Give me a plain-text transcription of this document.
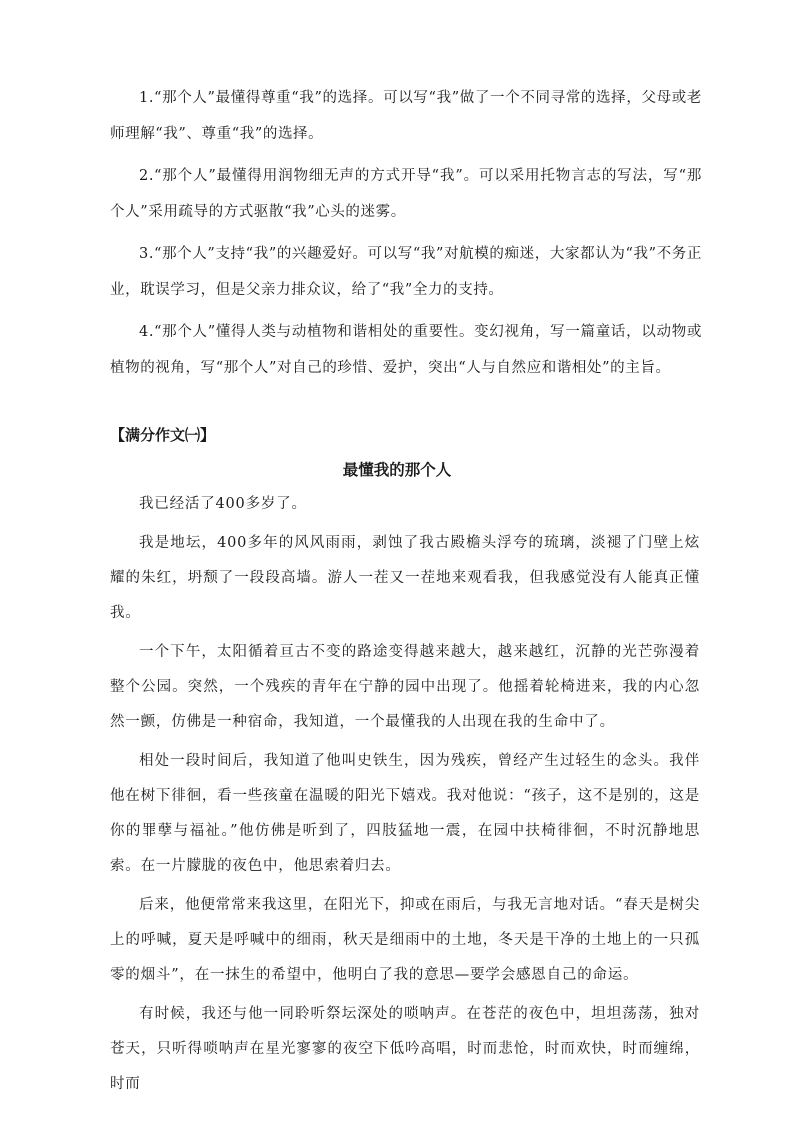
1.“那个人”最懂得尊重“我”的选择。可以写“我”做了一个不同寻常的选择，父母或老师理解“我”、尊重“我”的选择。

2.“那个人”最懂得用润物细无声的方式开导“我”。可以采用托物言志的写法，写“那个人”采用疏导的方式驱散“我”心头的迷雾。

3.“那个人”支持“我”的兴趣爱好。可以写“我”对航模的痴迷，大家都认为“我”不务正业，耽误学习，但是父亲力排众议，给了“我”全力的支持。

4.“那个人”懂得人类与动植物和谐相处的重要性。变幻视角，写一篇童话，以动物或植物的视角，写“那个人”对自己的珍惜、爱护，突出“人与自然应和谐相处”的主旨。

【满分作文㈠】
最懂我的那个人

我已经活了400多岁了。

我是地坛，400多年的风风雨雨，剥蚀了我古殿檐头浮夸的琉璃，淡褪了门壁上炫耀的朱红，坍颓了一段段高墙。游人一茬又一茬地来观看我，但我感觉没有人能真正懂我。

一个下午，太阳循着亘古不变的路途变得越来越大，越来越红，沉静的光芒弥漫着整个公园。突然，一个残疾的青年在宁静的园中出现了。他摇着轮椅进来，我的内心忽然一颤，仿佛是一种宿命，我知道，一个最懂我的人出现在我的生命中了。

相处一段时间后，我知道了他叫史铁生，因为残疾，曾经产生过轻生的念头。我伴他在树下徘徊，看一些孩童在温暖的阳光下嬉戏。我对他说：“孩子，这不是别的，这是你的罪孽与福祉。”他仿佛是听到了，四肢猛地一震，在园中扶椅徘徊，不时沉静地思索。在一片朦胧的夜色中，他思索着归去。

后来，他便常常来我这里，在阳光下，抑或在雨后，与我无言地对话。“春天是树尖上的呼喊，夏天是呼喊中的细雨，秋天是细雨中的土地，冬天是干净的土地上的一只孤零的烟斗”，在一抹生的希望中，他明白了我的意思—要学会感恩自己的命运。

有时候，我还与他一同聆听祭坛深处的唢呐声。在苍茫的夜色中，坦坦荡荡，独对苍天，只听得唢呐声在星光寥寥的夜空下低吟高唱，时而悲怆，时而欢快，时而缠绵，时而
